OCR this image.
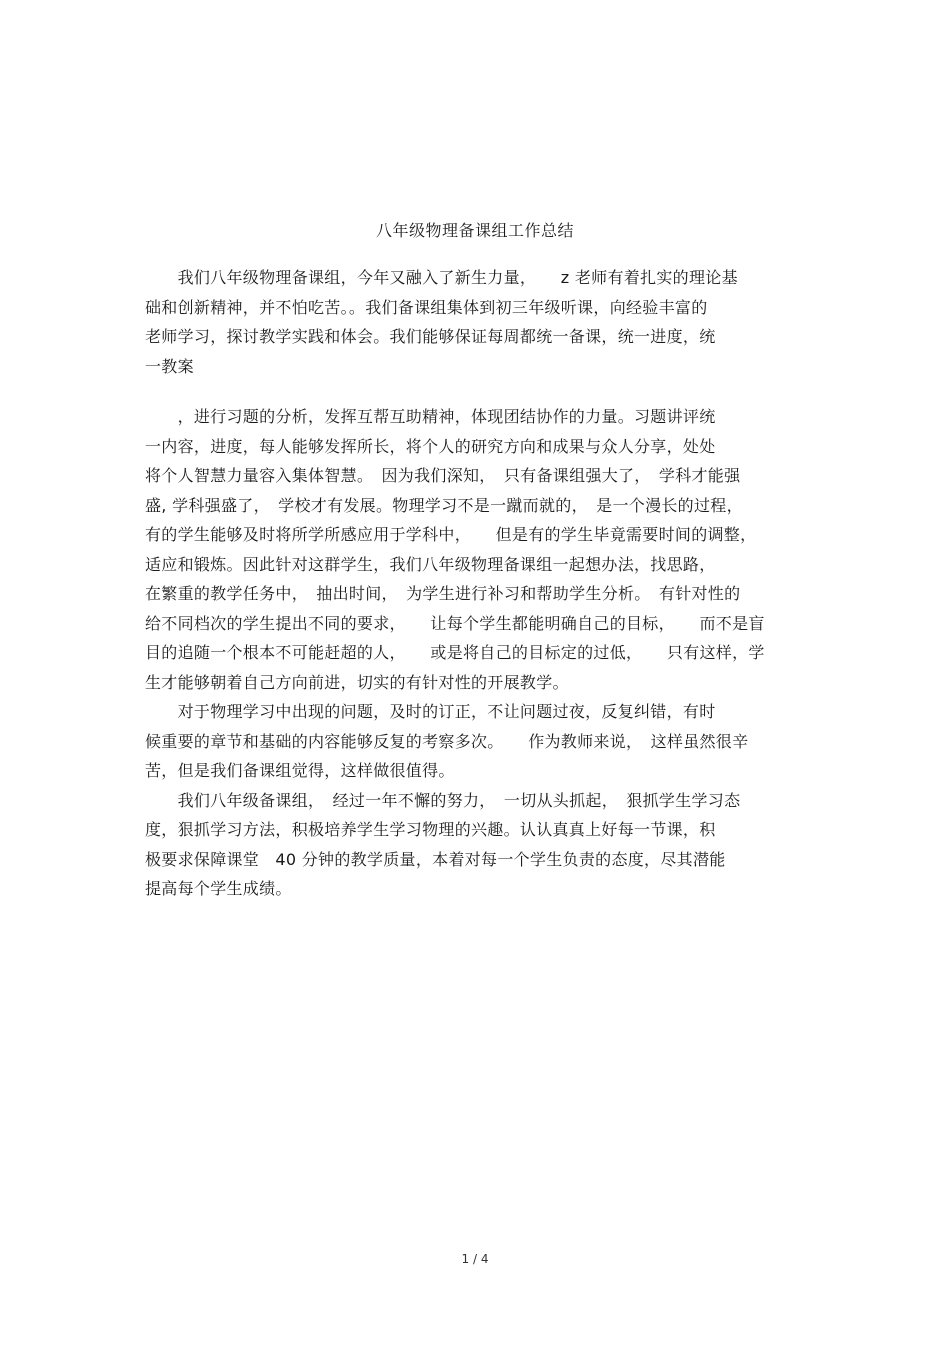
八年级物理备课组工作总结
　　我们八年级物理备课组，今年又融入了新生力量，　　z 老师有着扎实的理论基
础和创新精神，并不怕吃苦。。我们备课组集体到初三年级听课，向经验丰富的
老师学习，探讨教学实践和体会。我们能够保证每周都统一备课，统一进度，统
一教案
　　，进行习题的分析，发挥互帮互助精神，体现团结协作的力量。习题讲评统
一内容，进度，每人能够发挥所长，将个人的研究方向和成果与众人分享，处处
将个人智慧力量容入集体智慧。　因为我们深知，　只有备课组强大了，　学科才能强
盛, 学科强盛了，　学校才有发展。物理学习不是一蹴而就的，　是一个漫长的过程，
有的学生能够及时将所学所感应用于学科中，　　但是有的学生毕竟需要时间的调整，
适应和锻炼。因此针对这群学生，我们八年级物理备课组一起想办法，找思路，
在繁重的教学任务中，　抽出时间，　为学生进行补习和帮助学生分析。　有针对性的
给不同档次的学生提出不同的要求，　　让每个学生都能明确自己的目标，　　而不是盲
目的追随一个根本不可能赶超的人，　　或是将自己的目标定的过低，　　只有这样，学
生才能够朝着自己方向前进，切实的有针对性的开展教学。
　　对于物理学习中出现的问题，及时的订正，不让问题过夜，反复纠错，有时
候重要的章节和基础的内容能够反复的考察多次。　　作为教师来说，　这样虽然很辛
苦，但是我们备课组觉得，这样做很值得。
　　我们八年级备课组，　经过一年不懈的努力，　一切从头抓起，　狠抓学生学习态
度，狠抓学习方法，积极培养学生学习物理的兴趣。认认真真上好每一节课，积
极要求保障课堂　40 分钟的教学质量，本着对每一个学生负责的态度，尽其潜能
提高每个学生成绩。
1 / 4
